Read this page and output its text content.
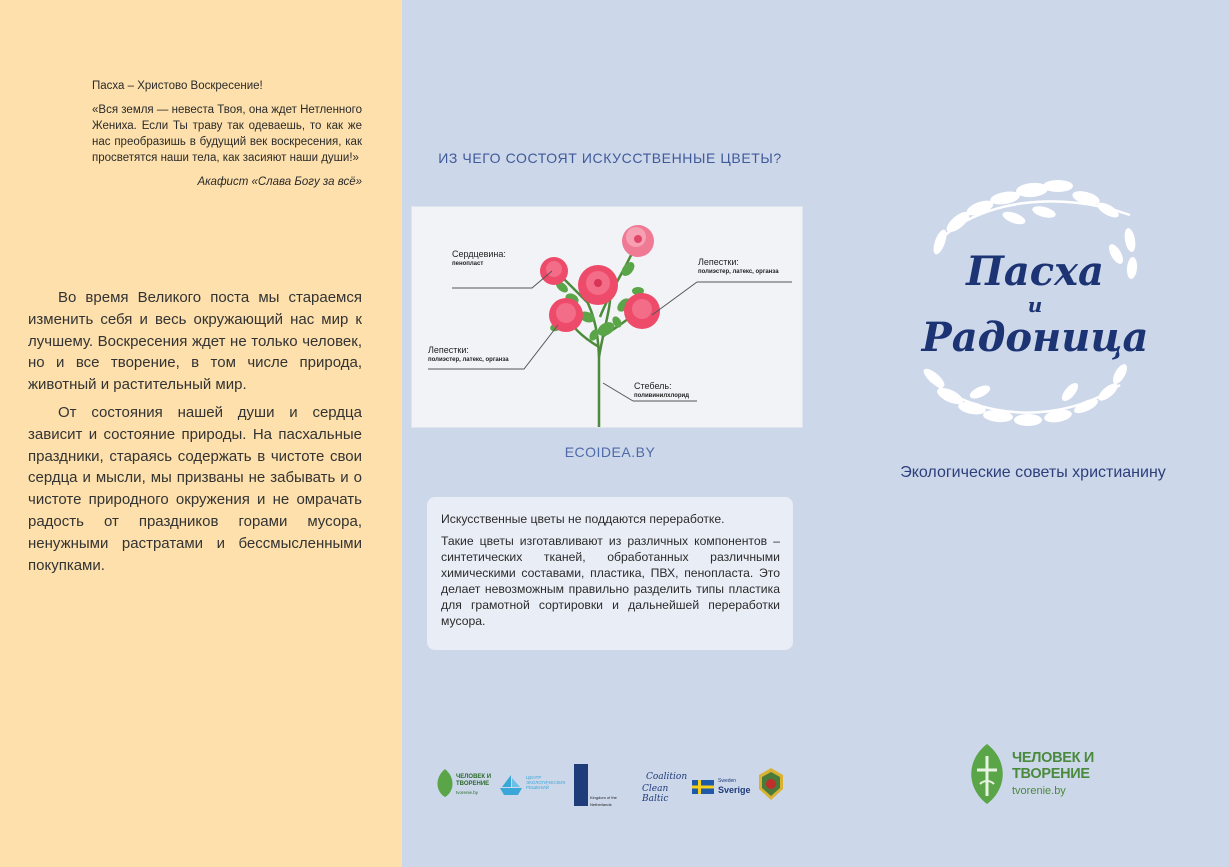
Пасха – Христово Воскресение!

«Вся земля — невеста Твоя, она ждет Нетленного Жениха. Если Ты траву так одеваешь, то как же нас преобразишь в будущий век воскресения, как просветятся наши тела, как засияют наши души!»

Акафист «Слава Богу за всё»

Во время Великого поста мы стараемся изменить себя и весь окружающий нас мир к лучшему. Воскресения ждет не только человек, но и все творение, в том числе природа, животный и растительный мир.

От состояния нашей души и сердца зависит и состояние природы. На пасхальные праздники, стараясь содержать в чистоте свои сердца и мысли, мы призваны не забывать и о чистоте природного окружения и не омрачать радость от праздников горами мусора, ненужными растратами и бессмысленными покупками.

ИЗ ЧЕГО СОСТОЯТ ИСКУССТВЕННЫЕ ЦВЕТЫ?
Сердцевина:
пенопласт	Лепестки:
полиэстер, латекс, органза
Лепестки:
полиэстер, латекс, органза
Стебель:
поливинилхлорид
ECOIDEA.BY

Искусственные цветы не поддаются переработке.

Такие цветы изготавливают из различных компонентов – синтетических тканей, обработанных различными химическими составами, пластика, ПВХ, пенопласта. Это делает невозможным правильно разделить типы пластика для грамотной сортировки и дальнейшей переработки мусора.

Пасха
и
Радоница
Экологические советы христианину
ЧЕЛОВЕК И
ТВОРЕНИЕ
tvorenie.by
ЦЕНТР ЭКОЛОГИЧЕСКИХ РЕШЕНИЙ
Kingdom of the Netherlands
Coalition
Clean Baltic
Sweden
Sverige
ЧЕЛОВЕК И
ТВОРЕНИЕ
tvorenie.by
